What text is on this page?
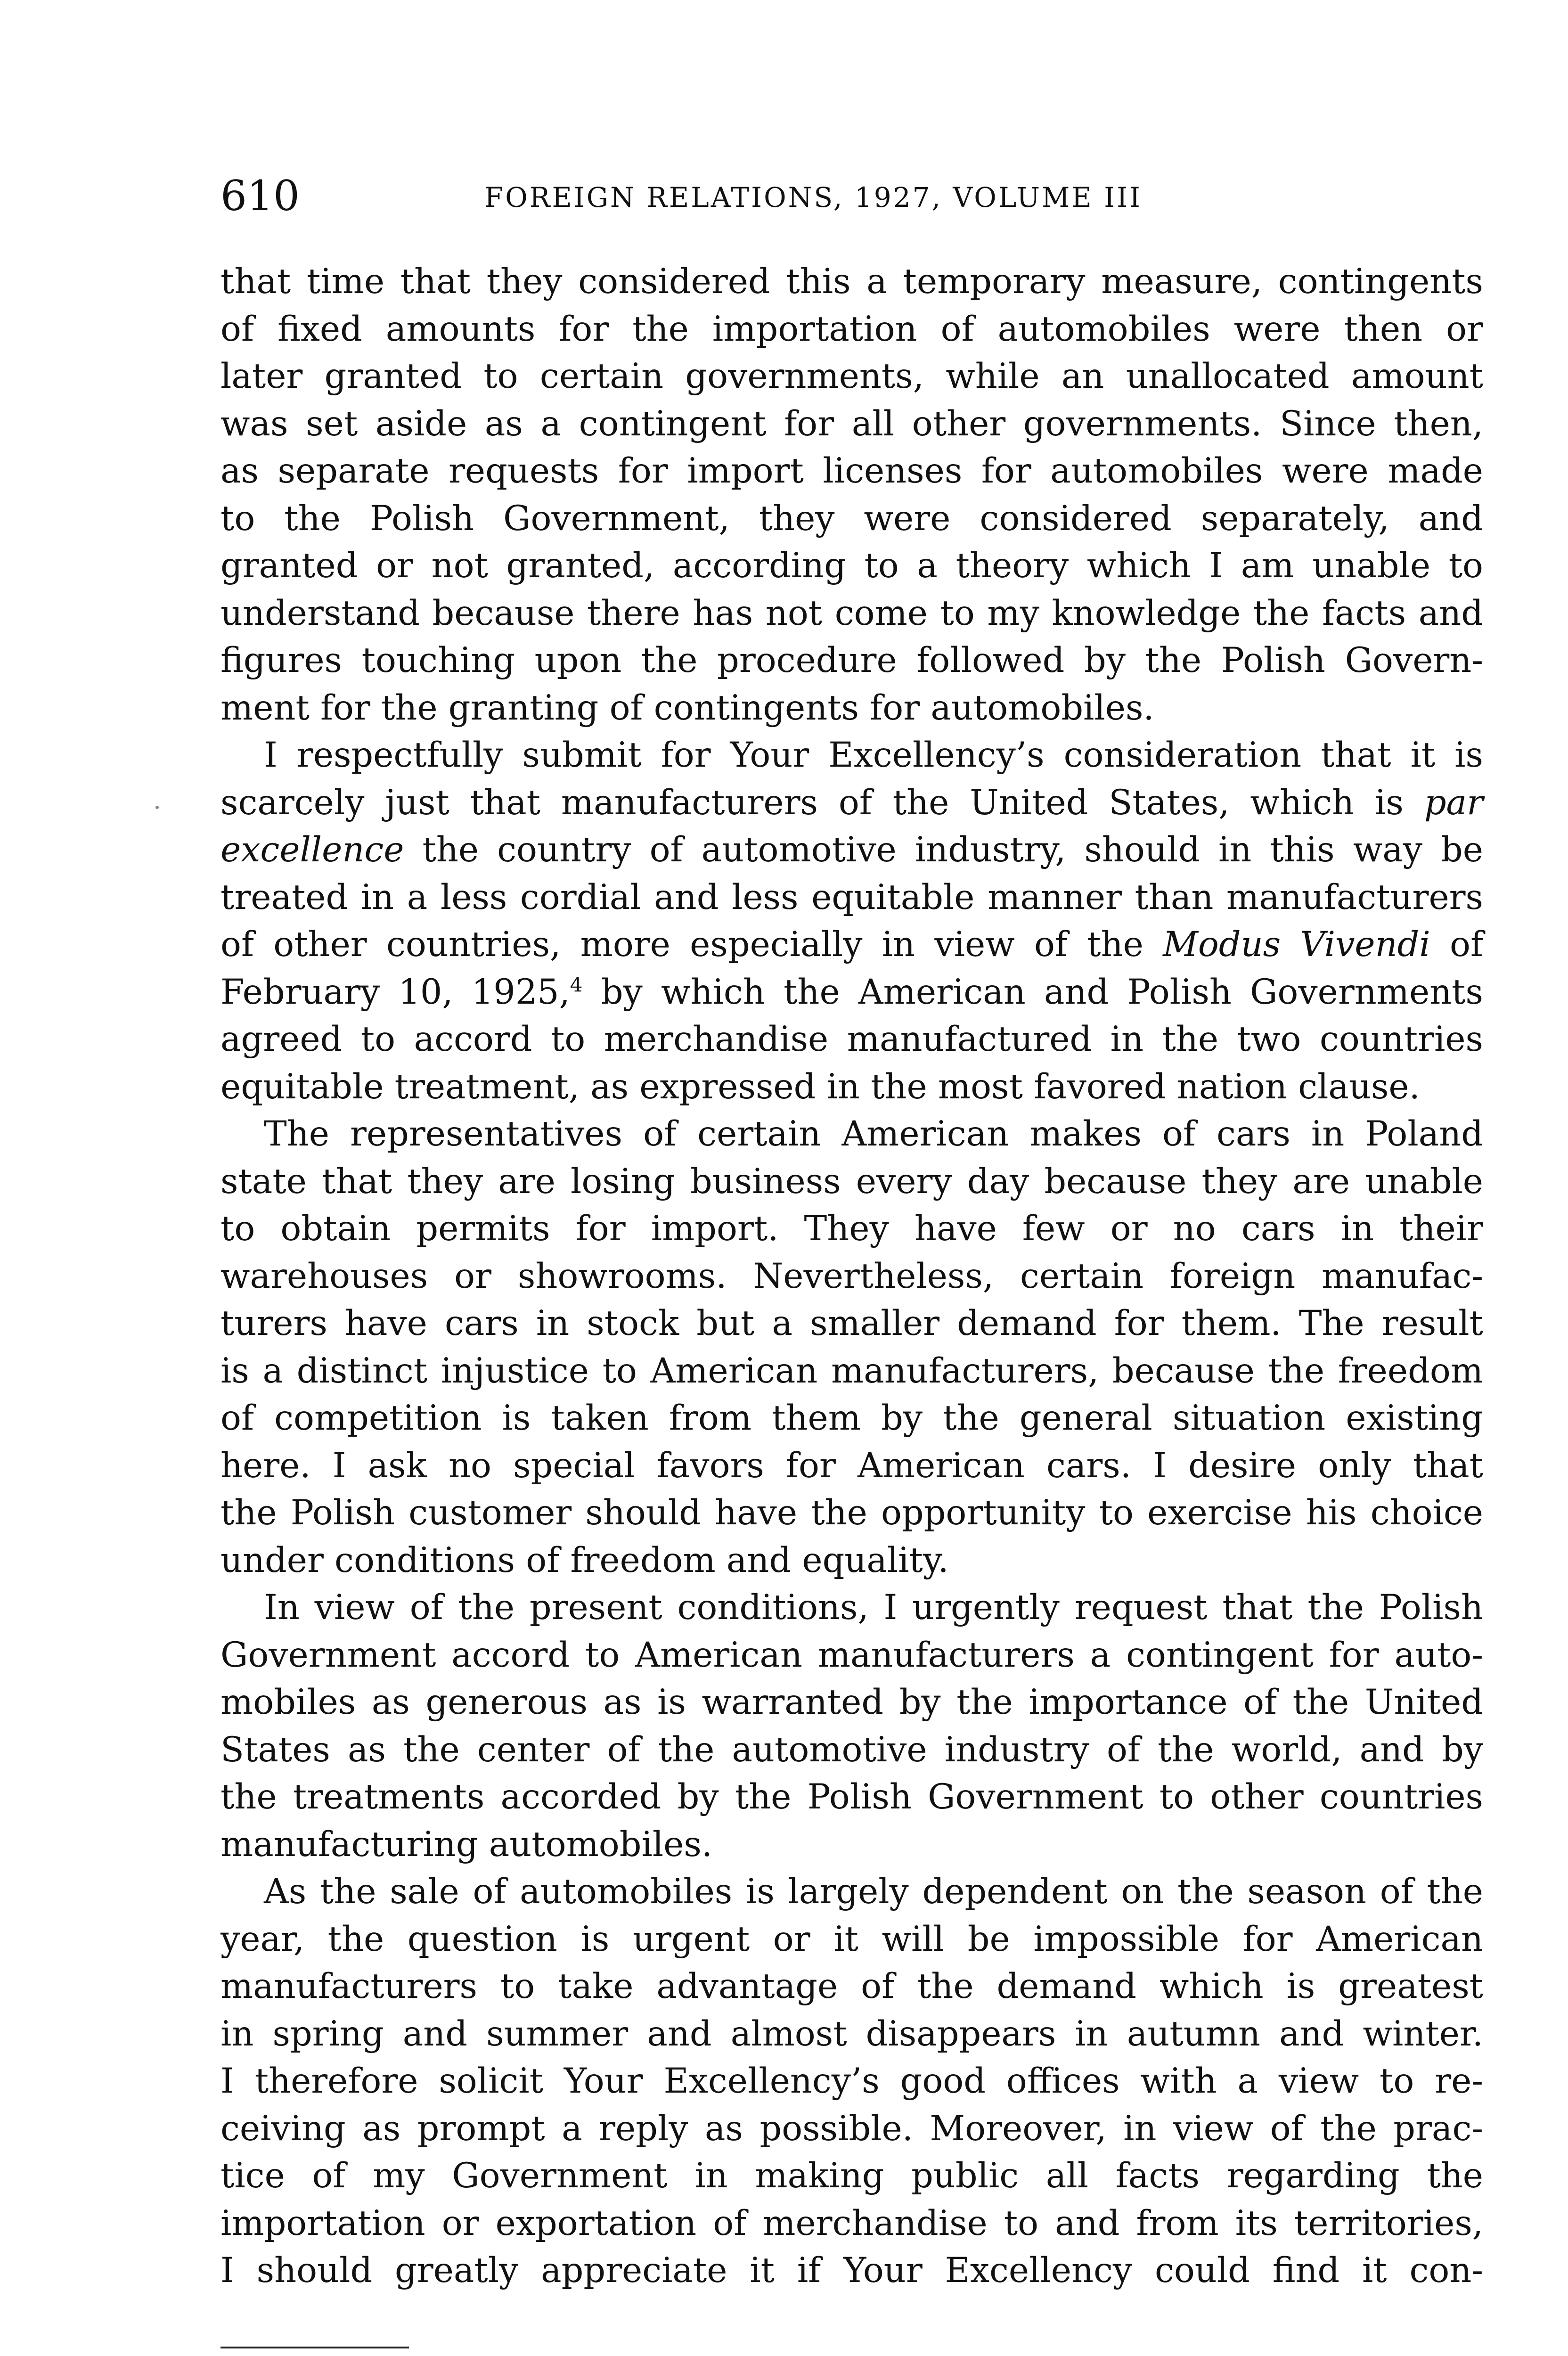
610	FOREIGN RELATIONS, 1927, VOLUME III
that time that they considered this a temporary measure, contingents
of fixed amounts for the importation of automobiles were then or
later granted to certain governments, while an unallocated amount
was set aside as a contingent for all other governments. Since then,
as separate requests for import licenses for automobiles were made
to the Polish Government, they were considered separately, and
granted or not granted, according to a theory which I am unable to
understand because there has not come to my knowledge the facts and
figures touching upon the procedure followed by the Polish Govern-
ment for the granting of contingents for automobiles.
I respectfully submit for Your Excellency’s consideration that it is
scarcely just that manufacturers of the United States, which is par
excellence the country of automotive industry, should in this way be
treated in a less cordial and less equitable manner than manufacturers
of other countries, more especially in view of the Modus Vivendi of
February 10, 1925,$^4$ by which the American and Polish Governments
agreed to accord to merchandise manufactured in the two countries
equitable treatment, as expressed in the most favored nation clause.
The representatives of certain American makes of cars in Poland
state that they are losing business every day because they are unable
to obtain permits for import. They have few or no cars in their
warehouses or showrooms. Nevertheless, certain foreign manufac-
turers have cars in stock but a smaller demand for them. The result
is a distinct injustice to American manufacturers, because the freedom
of competition is taken from them by the general situation existing
here. I ask no special favors for American cars. I desire only that
the Polish customer should have the opportunity to exercise his choice
under conditions of freedom and equality.
In view of the present conditions, I urgently request that the Polish
Government accord to American manufacturers a contingent for auto-
mobiles as generous as is warranted by the importance of the United
States as the center of the automotive industry of the world, and by
the treatments accorded by the Polish Government to other countries
manufacturing automobiles.
As the sale of automobiles is largely dependent on the season of the
year, the question is urgent or it will be impossible for American
manufacturers to take advantage of the demand which is greatest
in spring and summer and almost disappears in autumn and winter.
I therefore solicit Your Excellency’s good offices with a view to re-
ceiving as prompt a reply as possible. Moreover, in view of the prac-
tice of my Government in making public all facts regarding the
importation or exportation of merchandise to and from its territories,
I should greatly appreciate it if Your Excellency could find it con-
